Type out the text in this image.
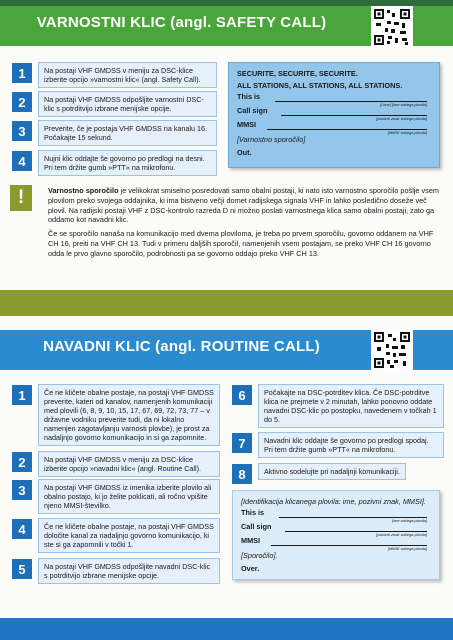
VARNOSTNI KLIC (angl. SAFETY CALL)
1	Na postaji VHF GMDSS v meniju za DSC-klice izberite opcijo »varnostni klic« (angl. Safety Call).
2	Na postaji VHF GMDSS odpošljite varnostni DSC-klic s potrditvijo izbrane menijske opcije.
3	Preverite, če je postaja VHF GMDSS na kanalu 16. Počakajte 15 sekund.
4	Nujni klic oddajte še govorno po predlogi na desni. Pri tem držite gumb »PTT« na mikrofonu.
SECURITE, SECURITE, SECURITE.
ALL STATIONS, ALL STATIONS, ALL STATIONS.
This is
[i.ime] [ime vašega plovila]
Call sign
[pozivni znak vašega plovila]
MMSI
[MMSI vašega plovila]
[Varnostno sporočilo]
Out.
!	Varnostno sporočilo je velikokrat smiselno posredovati samo obalni postaji, ki nato isto varnostno sporočilo pošlje vsem plovilom preko svojega oddajnika, ki ima bistveno večji domet radijskega signala VHF in lahko posledično doseže več plovil. Na radijski postaji VHF z DSC-kontrolo razreda D ni možno poslati varnostnega klica samo obalni postaji, zato ga oddamo kot navadni klic.
Če se sporočilo nanaša na komunikacijo med dvema ploviloma, je treba po prvem sporočilu, govorno oddanem na VHF CH 16, preiti na VHF CH 13. Tudi v primeru daljših sporočil, namenjenih vsem postajam, se preko VHF CH 16 govorno odda le prvo glavno sporočilo, podrobnosti pa se govorno oddajo preko VHF CH 13.
NAVADNI KLIC (angl. ROUTINE CALL)
1	Če ne kličete obalne postaje, na postaji VHF GMDSS preverite, kateri od kanalov, namenjenih komunikaciji med plovili (6, 8, 9, 10, 15, 17, 67, 69, 72, 73, 77 – v državne vodniku preverite tudi, da ni lokalno namenjen zagotavljanju varnosti plovbe), je prost za nadaljnjo govorno komunikacijo in si ga zapomnite.
2	Na postaji VHF GMDSS v meniju za DSC-klice izberite opcijo »navadni klic« (angl. Routine Call).
3	Na postaji VHF GMDSS iz imenika izberite plovilo ali obalno postajo, ki jo želite poklicati, ali ročno vpišite njeno MMSI-številko.
4	Če ne kličete obalne postaje, na postaji VHF GMDSS določite kanal za nadaljnjo govorno komunikacijo, ki ste si ga zapomnili v točki 1.
5	Na postaji VHF GMDSS odpošljite navadni DSC-klic s potrditvijo izbrane menijske opcije.
6	Počakajte na DSC-potrditev klica. Če DSC-potrditve klica ne prejmete v 2 minutah, lahko ponovno oddate navadni DSC-klic po postopku, navedenem v točkah 1 do 5.
7	Navadni klic oddajte še govorno po predlogi spodaj. Pri tem držite gumb »PTT« na mikrofonu.
8	Aktivno sodelujte pri nadaljnji komunikaciji.
[Identifikacija klicanega plovila: ime, pozivni znak, MMSI].
This is
[ime vašega plovila]
Call sign
[pozivni znak vašega plovila]
MMSI
[MMSI vašega plovila]
[Sporočilo].
Over.
